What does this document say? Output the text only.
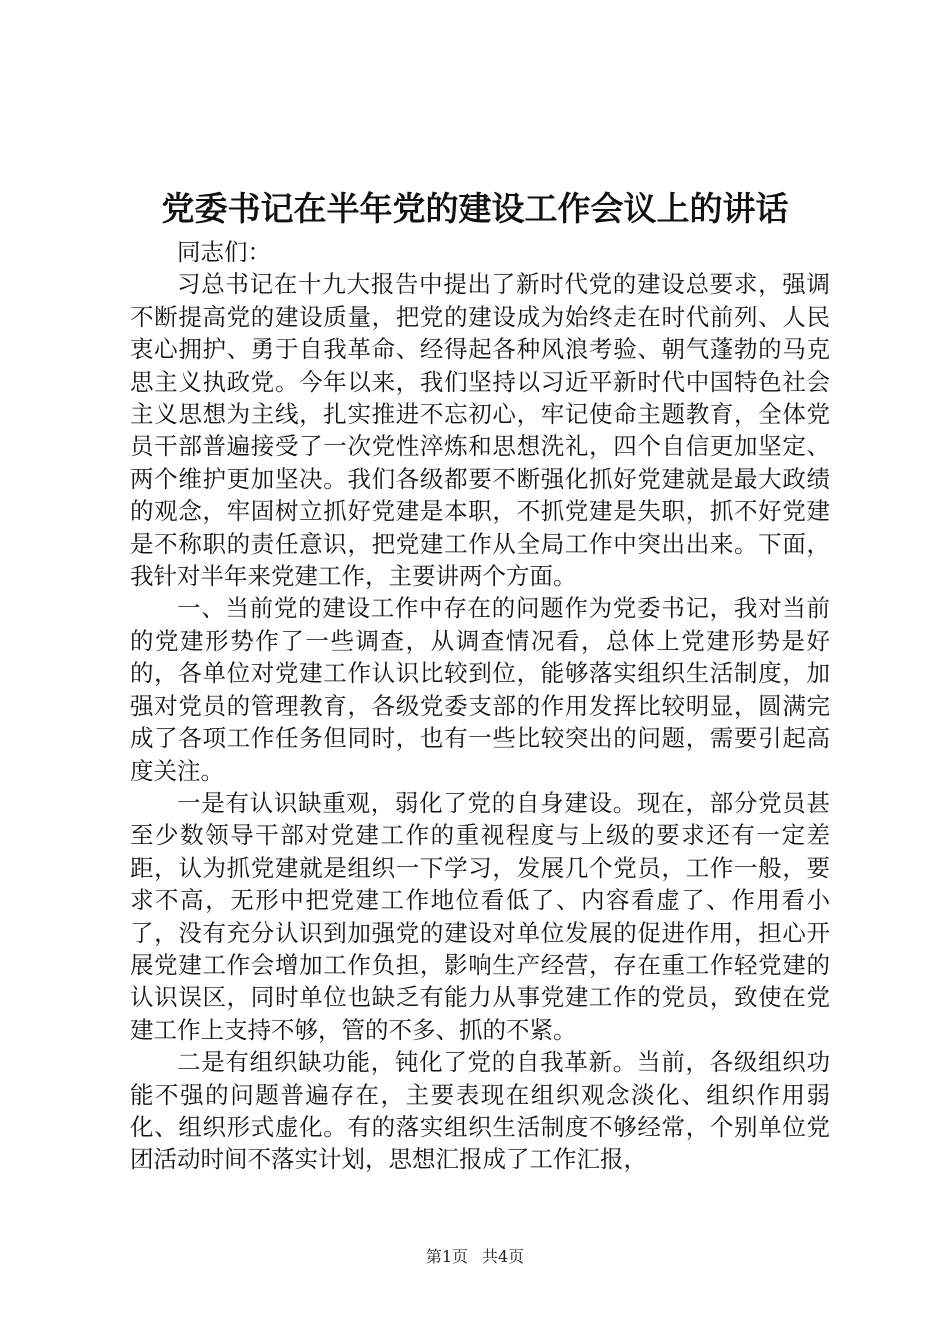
党委书记在半年党的建设工作会议上的讲话

同志们：

习总书记在十九大报告中提出了新时代党的建设总要求，强调不断提高党的建设质量，把党的建设成为始终走在时代前列、人民衷心拥护、勇于自我革命、经得起各种风浪考验、朝气蓬勃的马克思主义执政党。今年以来，我们坚持以习近平新时代中国特色社会主义思想为主线，扎实推进不忘初心，牢记使命主题教育，全体党员干部普遍接受了一次党性淬炼和思想洗礼，四个自信更加坚定、两个维护更加坚决。我们各级都要不断强化抓好党建就是最大政绩的观念，牢固树立抓好党建是本职，不抓党建是失职，抓不好党建是不称职的责任意识，把党建工作从全局工作中突出出来。下面，我针对半年来党建工作，主要讲两个方面。

一、当前党的建设工作中存在的问题作为党委书记，我对当前的党建形势作了一些调查，从调查情况看，总体上党建形势是好的，各单位对党建工作认识比较到位，能够落实组织生活制度，加强对党员的管理教育，各级党委支部的作用发挥比较明显，圆满完成了各项工作任务但同时，也有一些比较突出的问题，需要引起高度关注。

一是有认识缺重观，弱化了党的自身建设。现在，部分党员甚至少数领导干部对党建工作的重视程度与上级的要求还有一定差距，认为抓党建就是组织一下学习，发展几个党员，工作一般，要求不高，无形中把党建工作地位看低了、内容看虚了、作用看小了，没有充分认识到加强党的建设对单位发展的促进作用，担心开展党建工作会增加工作负担，影响生产经营，存在重工作轻党建的认识误区，同时单位也缺乏有能力从事党建工作的党员，致使在党建工作上支持不够，管的不多、抓的不紧。

二是有组织缺功能，钝化了党的自我革新。当前，各级组织功能不强的问题普遍存在，主要表现在组织观念淡化、组织作用弱化、组织形式虚化。有的落实组织生活制度不够经常，个别单位党团活动时间不落实计划，思想汇报成了工作汇报，

第1页 共4页
